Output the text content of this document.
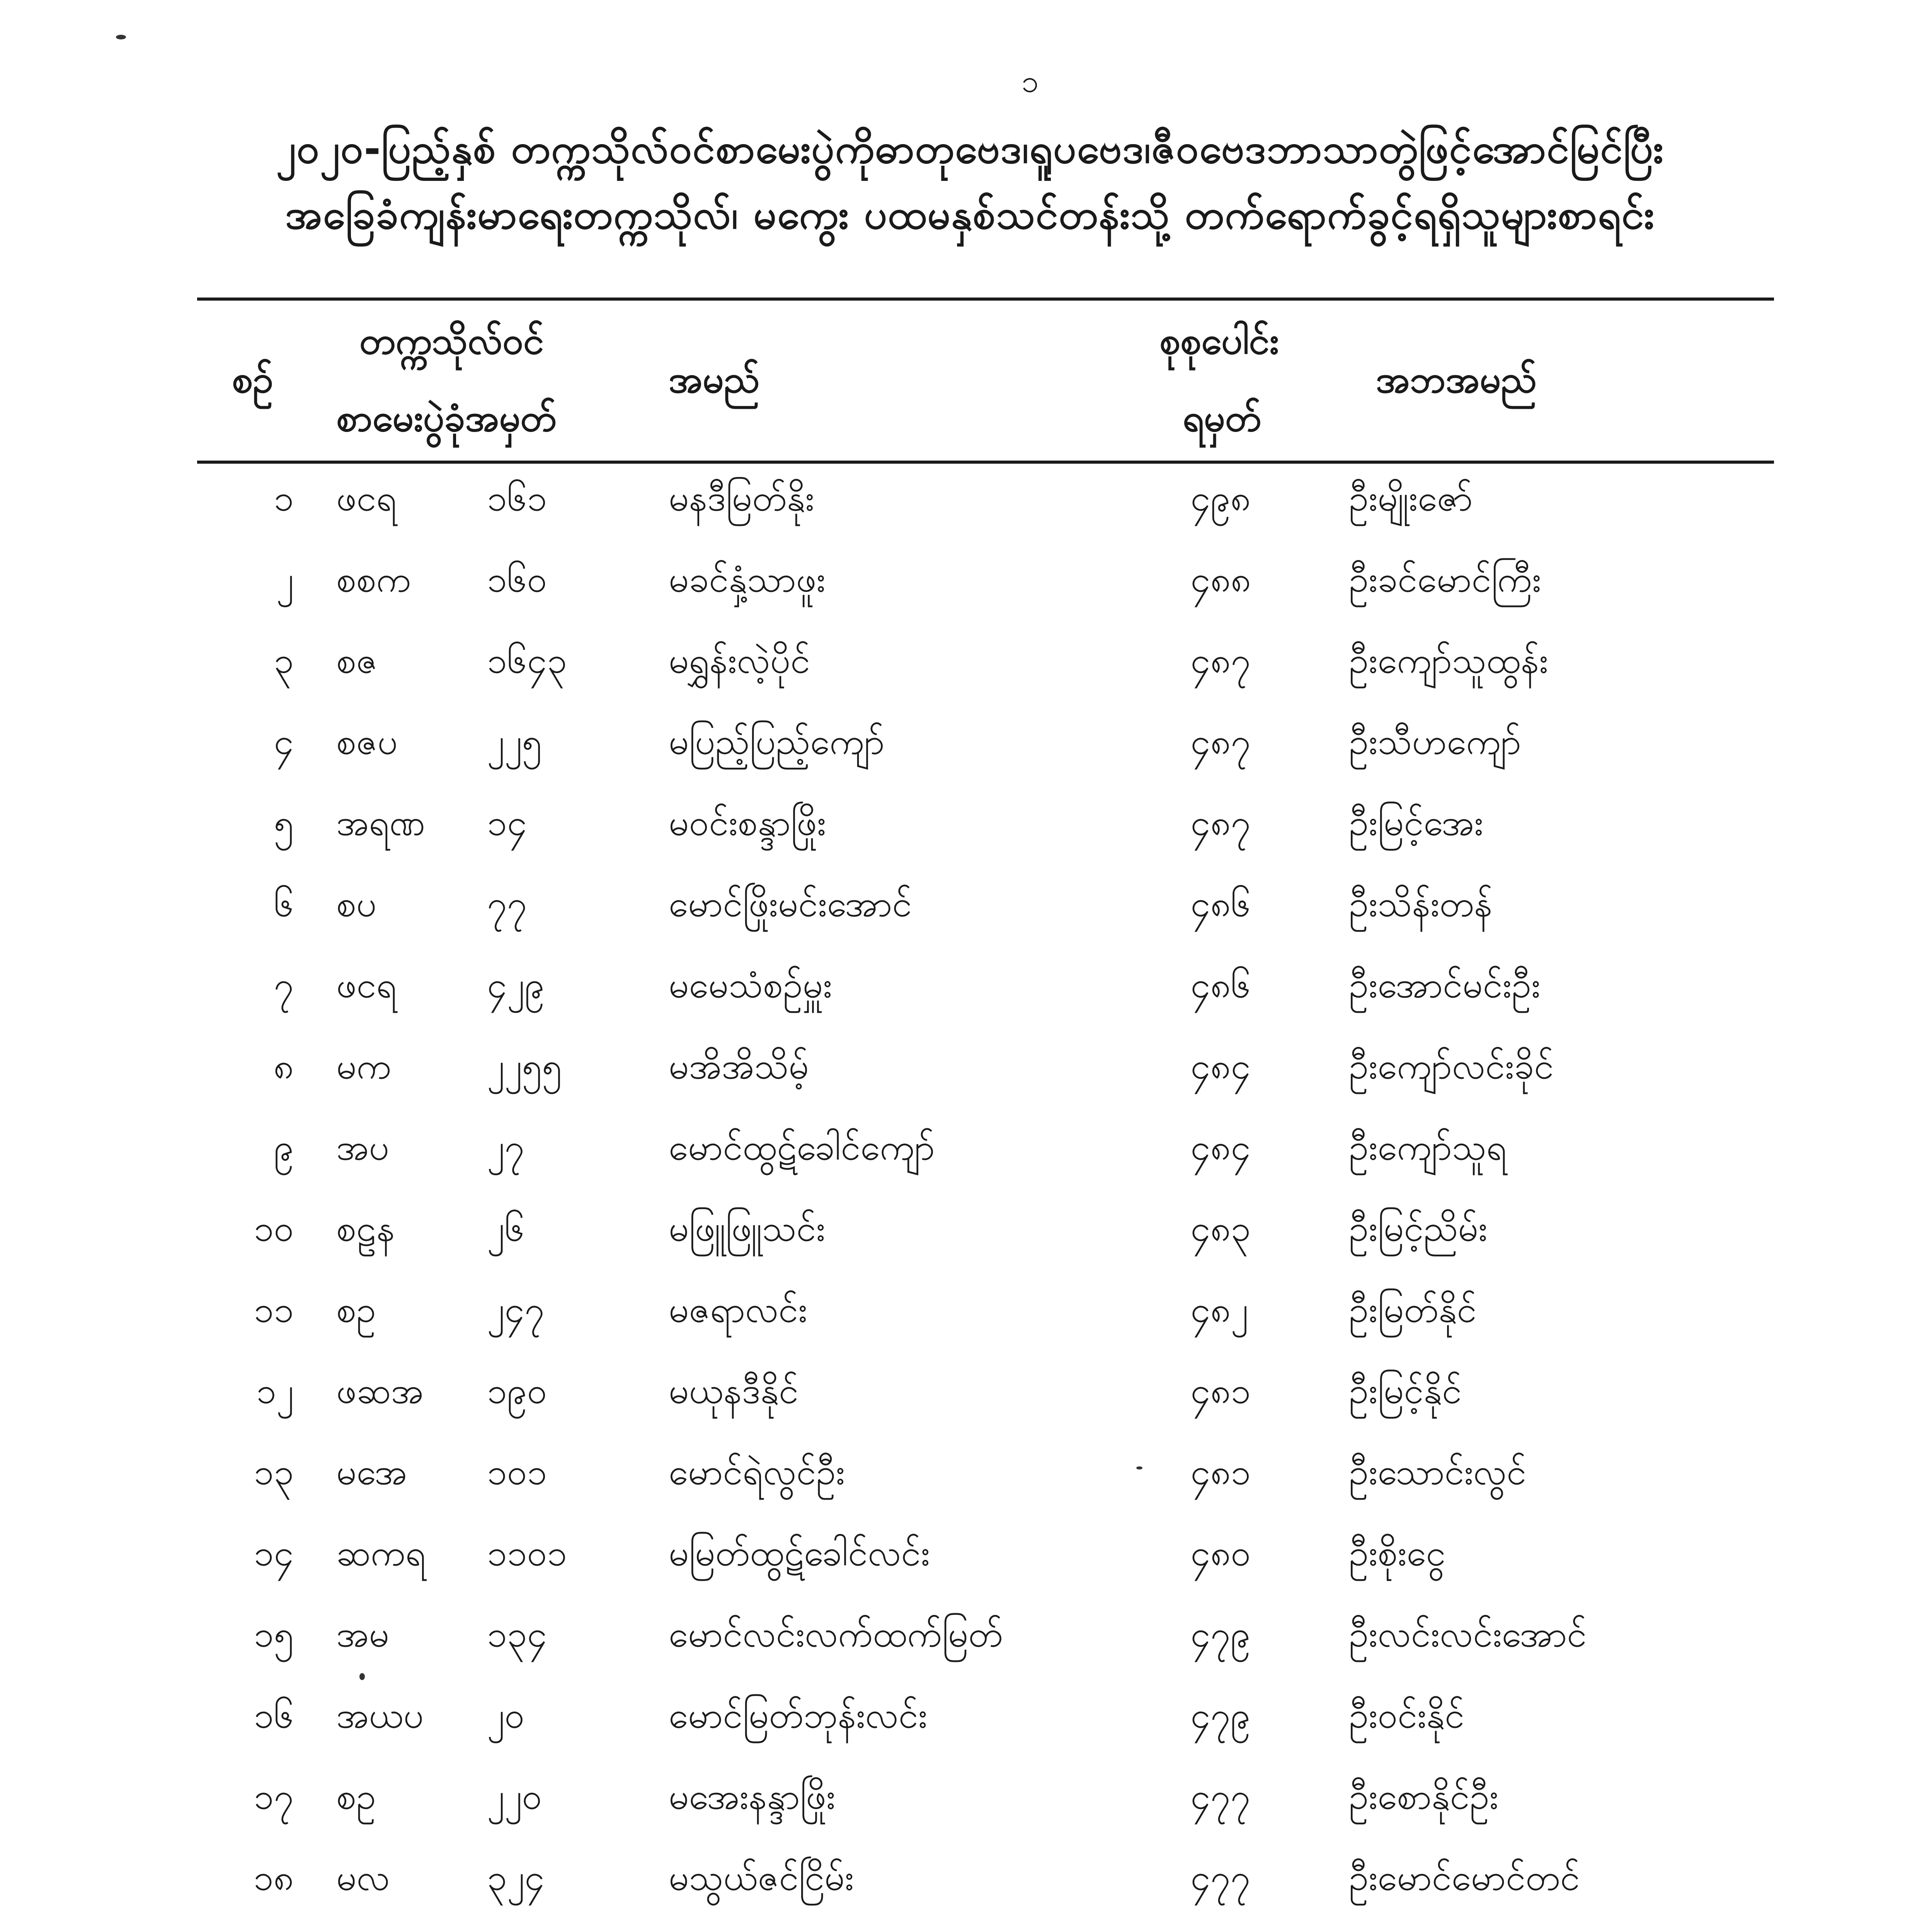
၁
၂၀၂၀-ပြည့်နှစ် တက္ကသိုလ်ဝင်စာမေးပွဲကိုဓာတုဗေဒ၊ရူပဗေဒ၊ဇီဝဗေဒဘာသာတွဲဖြင့်အောင်မြင်ပြီး
အခြေခံကျန်းမာရေးတက္ကသိုလ်၊ မကွေး ပထမနှစ်သင်တန်းသို့ တက်ရောက်ခွင့်ရရှိသူများစာရင်း
စဉ်
တက္ကသိုလ်ဝင်
စာမေးပွဲခုံအမှတ်
အမည်
စုစုပေါင်း
ရမှတ်
အဘအမည်
၁ ဖငရ	၁၆၁	မနဒီမြတ်နိုး	၄၉၈	ဦးမျိုးဇော်
၂ စစက ၁၆၀	မခင်နှံ့သာဖူး	၄၈၈	ဦးခင်မောင်ကြီး
၃ စဇ	၁၆၄၃	မရွှန်းလဲ့ပိုင်	၄၈၇	ဦးကျော်သူထွန်း
၄ စဇပ	၂၂၅	မပြည့်ပြည့်ကျော်	၄၈၇	ဦးသီဟကျော်
၅ အရဏ ၁၄	မဝင်းစန္ဒာဖြိုး	၄၈၇	ဦးမြင့်အေး
၆ စပ	၇၇	မောင်ဖြိုးမင်းအောင်	၄၈၆	ဦးသိန်းတန်
၇ ဖငရ	၄၂၉	မမေသံစဉ်မှူး	၄၈၆	ဦးအောင်မင်းဦး
၈ မက	၂၂၅၅	မအိအိသိမ့်	၄၈၄	ဦးကျော်လင်းခိုင်
၉ အပ	၂၇	မောင်ထွဋ်ခေါင်ကျော်	၄၈၄	ဦးကျော်သူရ
၁၀ စဠန	၂၆	မဖြူဖြူသင်း	၄၈၃	ဦးမြင့်ညိမ်း
၁၁ စဥ	၂၄၇	မဇရာလင်း	၄၈၂	ဦးမြတ်နိုင်
၁၂ ဖဆအ ၁၉၀	မယုနဒီနိုင်	၄၈၁	ဦးမြင့်နိုင်
၁၃ မအေ ၁၀၁	မောင်ရဲလွင်ဦး	၄၈၁	ဦးသောင်းလွင်
၁၄ ဆကရ ၁၁၀၁	မမြတ်ထွဋ်ခေါင်လင်း	၄၈၀	ဦးစိုးငွေ
၁၅ အမ	၁၃၄	မောင်လင်းလက်ထက်မြတ်	၄၇၉	ဦးလင်းလင်းအောင်
၁၆ အယပ ၂၀	မောင်မြတ်ဘုန်းလင်း	၄၇၉	ဦးဝင်းနိုင်
၁၇ စဥ	၂၂၀	မအေးနန္ဒာဖြိုး	၄၇၇	ဦးစောနိုင်ဦး
၁၈ မလ	၃၂၄	မသွယ်ဇင်ငြိမ်း	၄၇၇	ဦးမောင်မောင်တင်
